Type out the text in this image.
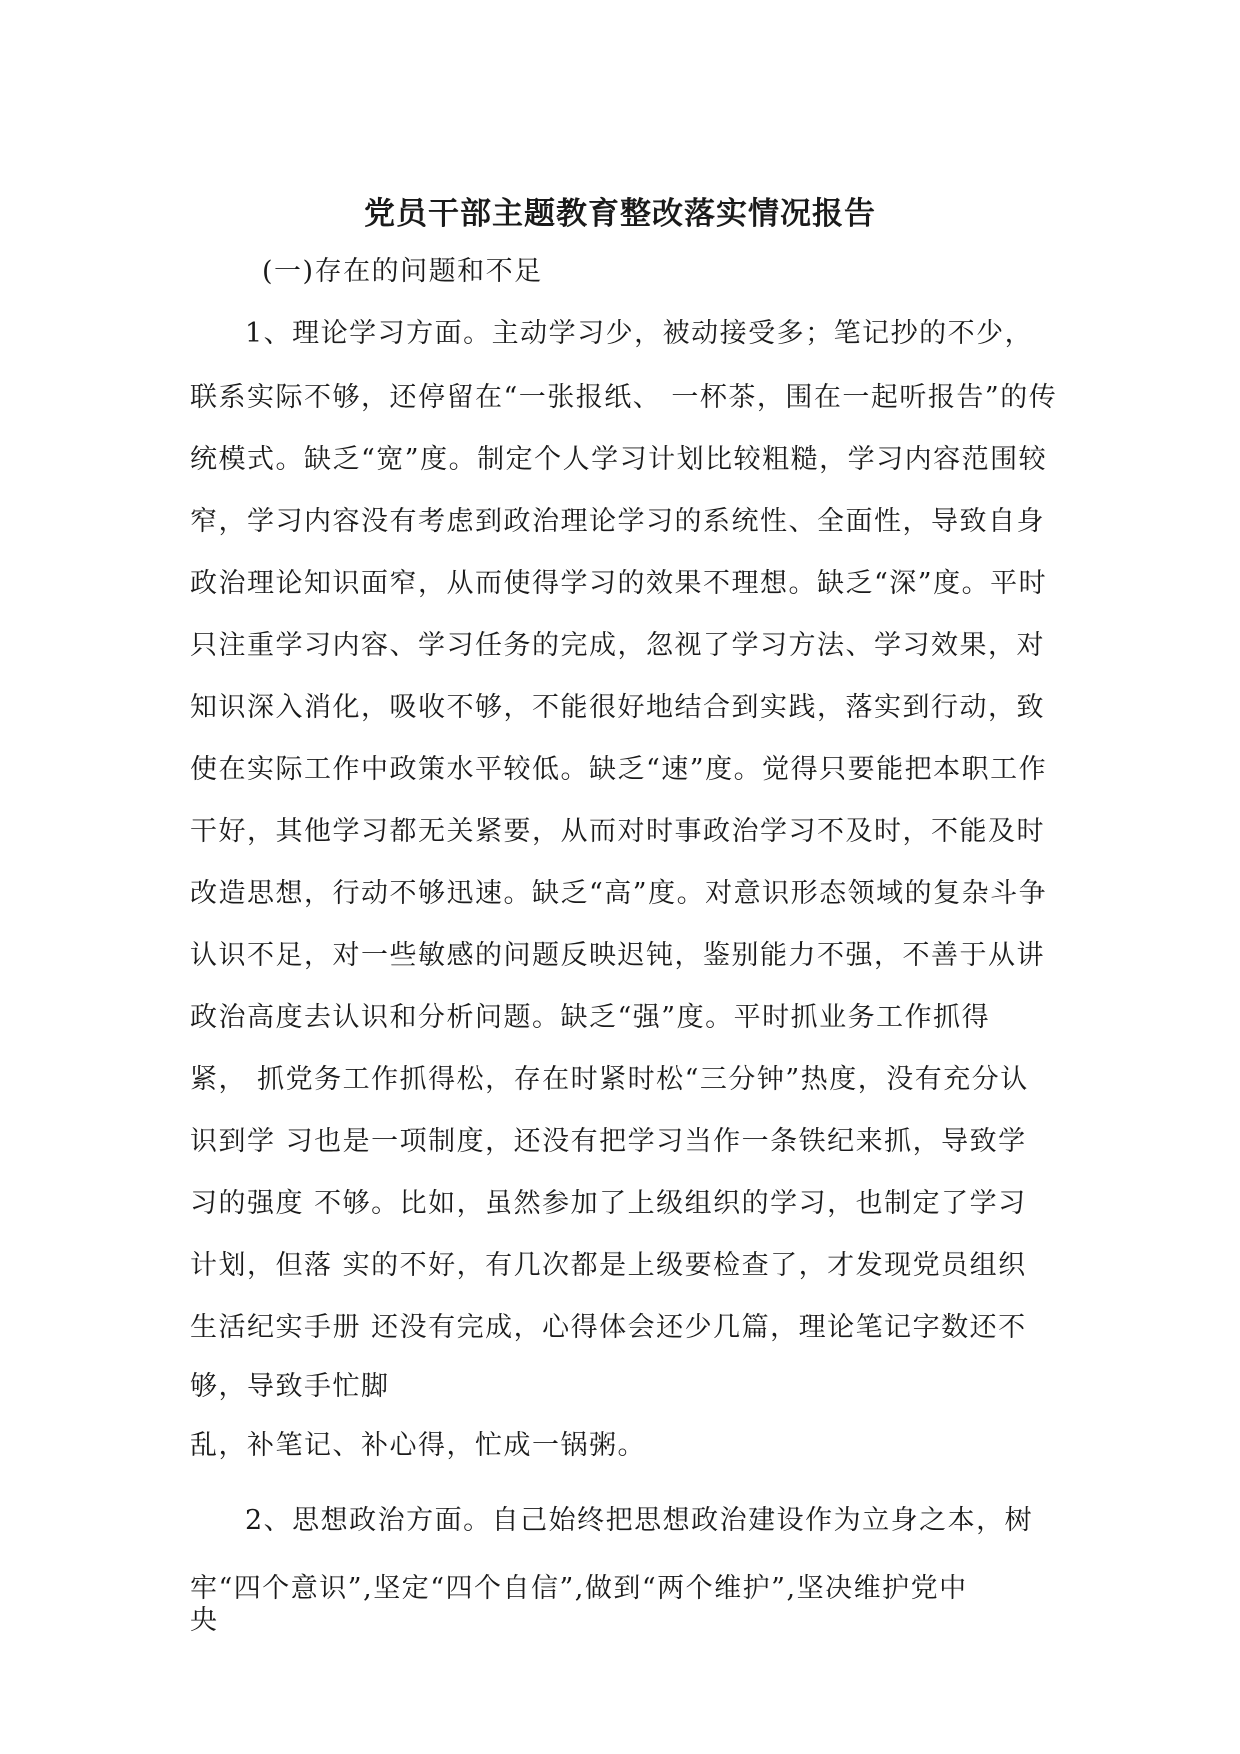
党员干部主题教育整改落实情况报告
(一)存在的问题和不足
1、理论学习方面。主动学习少，被动接受多；笔记抄的不少，
联系实际不够，还停留在“一张报纸、 一杯茶，围在一起听报告”的传
统模式。缺乏“宽”度。制定个人学习计划比较粗糙，学习内容范围较
窄，学习内容没有考虑到政治理论学习的系统性、全面性，导致自身
政治理论知识面窄，从而使得学习的效果不理想。缺乏“深”度。平时
只注重学习内容、学习任务的完成，忽视了学习方法、学习效果，对
知识深入消化，吸收不够，不能很好地结合到实践，落实到行动，致
使在实际工作中政策水平较低。缺乏“速”度。觉得只要能把本职工作
干好，其他学习都无关紧要，从而对时事政治学习不及时，不能及时
改造思想，行动不够迅速。缺乏“高”度。对意识形态领域的复杂斗争
认识不足，对一些敏感的问题反映迟钝，鉴别能力不强，不善于从讲
政治高度去认识和分析问题。缺乏“强”度。平时抓业务工作抓得
紧， 抓党务工作抓得松，存在时紧时松“三分钟”热度，没有充分认
识到学 习也是一项制度，还没有把学习当作一条铁纪来抓，导致学
习的强度 不够。比如，虽然参加了上级组织的学习，也制定了学习
计划，但落 实的不好，有几次都是上级要检查了，才发现党员组织
生活纪实手册 还没有完成，心得体会还少几篇，理论笔记字数还不
够，导致手忙脚
乱，补笔记、补心得，忙成一锅粥。
2、思想政治方面。自己始终把思想政治建设作为立身之本，树
牢“四个意识”,坚定“四个自信”,做到“两个维护”,坚决维护党中
央
